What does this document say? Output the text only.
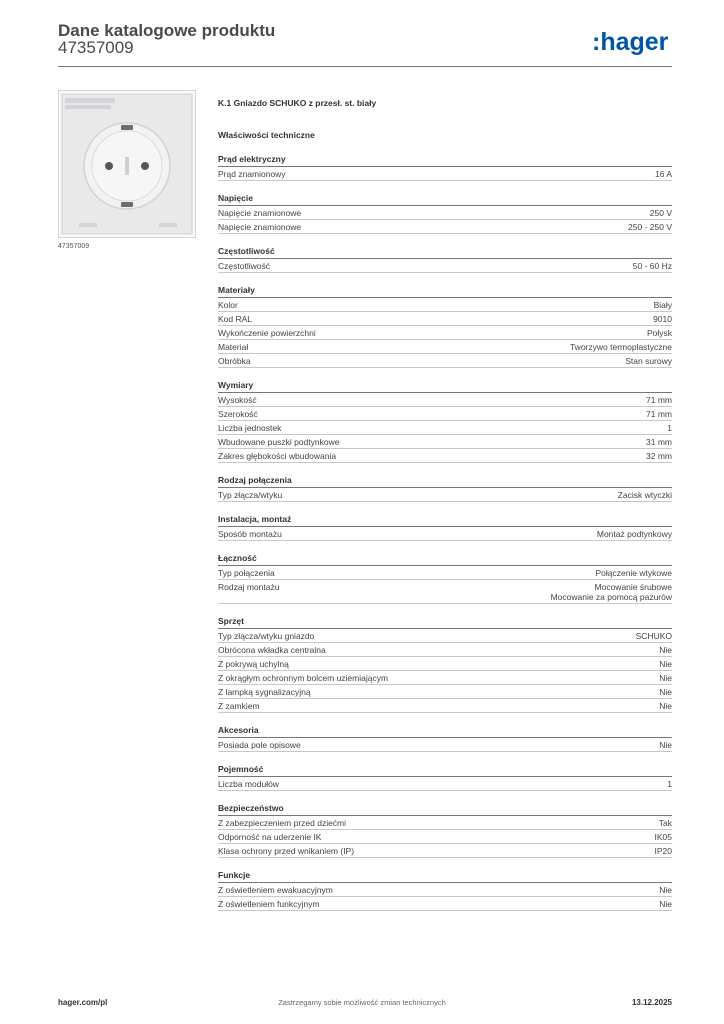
Dane katalogowe produktu
47357009	:hager
47357009
K.1 Gniazdo SCHUKO z przesł. st. biały
Właściwości techniczne
Prąd elektryczny
Prąd znamionowy	16 A
Napięcie
Napięcie znamionowe	250 V
Napięcie znamionowe	250 - 250 V
Częstotliwość
Częstotliwość	50 - 60 Hz
Materiały
Kolor	Biały
Kod RAL	9010
Wykończenie powierzchni	Połysk
Materiał	Tworzywo termoplastyczne
Obróbka	Stan surowy
Wymiary
Wysokość	71 mm
Szerokość	71 mm
Liczba jednostek	1
Wbudowane puszki podtynkowe	31 mm
Zakres głębokości wbudowania	32 mm
Rodzaj połączenia
Typ złącza/wtyku	Zacisk wtyczki
Instalacja, montaż
Sposób montażu	Montaż podtynkowy
Łączność
Typ połączenia	Połączenie wtykowe
Rodzaj montażu	Mocowanie śrubowe
Mocowanie za pomocą pazurów
Sprzęt
Typ złącza/wtyku gniazdo	SCHUKO
Obrócona wkładka centralna	Nie
Z pokrywą uchylną	Nie
Z okrągłym ochronnym bolcem uziemiającym	Nie
Z lampką sygnalizacyjną	Nie
Z zamkiem	Nie
Akcesoria
Posiada pole opisowe	Nie
Pojemność
Liczba modułów	1
Bezpieczeństwo
Z zabezpieczeniem przed dziećmi	Tak
Odporność na uderzenie IK	IK05
Klasa ochrony przed wnikaniem (IP)	IP20
Funkcje
Z oświetleniem ewakuacyjnym	Nie
Z oświetleniem funkcyjnym	Nie
hager.com/pl	Zastrzegamy sobie możliwość zmian technicznych	13.12.2025
